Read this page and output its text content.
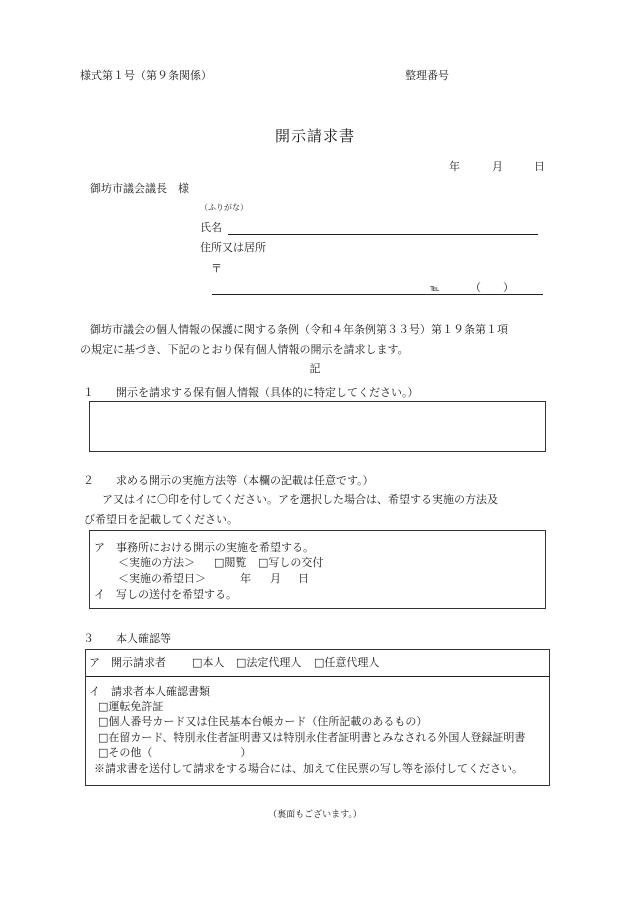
様式第１号（第９条関係）	整理番号
開示請求書
年	月	日
御坊市議会議長　様
（ふりがな）
氏名
住所又は居所
〒
℡	（　　）
御坊市議会の個人情報の保護に関する条例（令和４年条例第３３号）第１９条第１項
の規定に基づき、下記のとおり保有個人情報の開示を請求します。
記
１ 開示を請求する保有個人情報（具体的に特定してください。）
２ 求める開示の実施方法等（本欄の記載は任意です。）
ア又はイに〇印を付してください。アを選択した場合は、希望する実施の方法及
び希望日を記載してください。
ア　事務所における開示の実施を希望する。
＜実施の方法＞ □閲覧 □写しの交付
＜実施の希望日＞	年 月 日
イ　写しの送付を希望する。
３ 本人確認等
ア　開示請求者 □本人 □法定代理人 □任意代理人
イ　請求者本人確認書類
□運転免許証
□個人番号カード又は住民基本台帳カード（住所記載のあるもの）
□在留カード、特別永住者証明書又は特別永住者証明書とみなされる外国人登録証明書
□その他（　　　　　　　　）
※請求書を送付して請求をする場合には、加えて住民票の写し等を添付してください。
（裏面もございます。）
